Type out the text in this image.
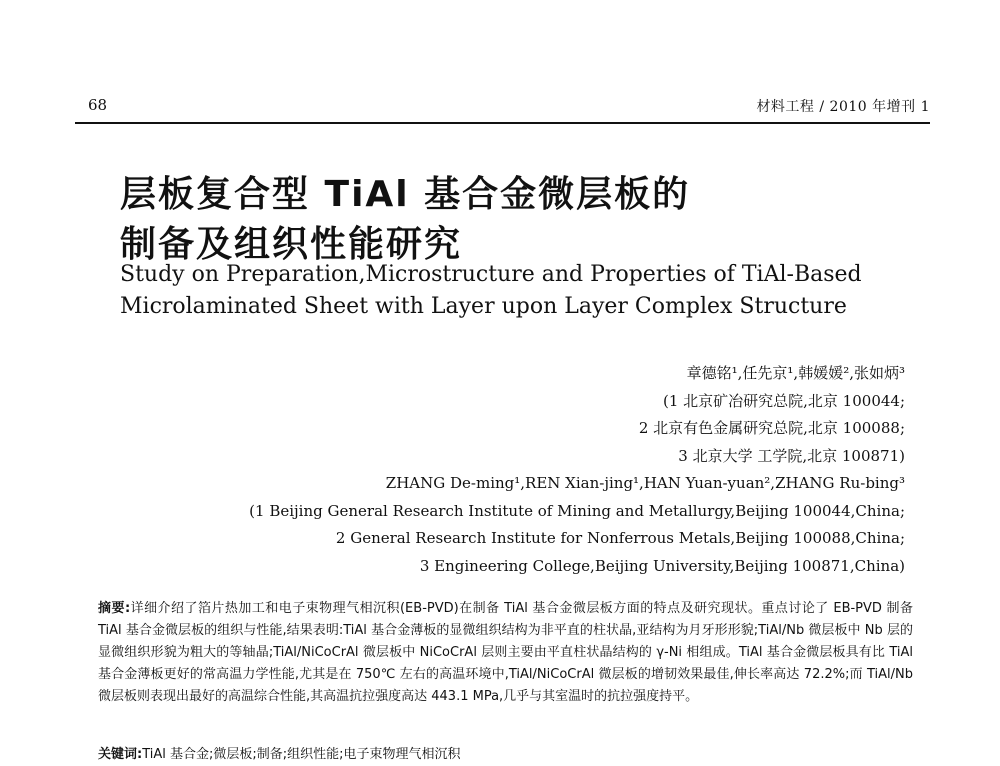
68	材料工程 / 2010 年增刊 1
层板复合型 TiAl 基合金微层板的
制备及组织性能研究
Study on Preparation,Microstructure and Properties of TiAl-Based
Microlaminated Sheet with Layer upon Layer Complex Structure
章德铭¹,任先京¹,韩媛媛²,张如炳³
(1 北京矿冶研究总院,北京 100044;
2 北京有色金属研究总院,北京 100088;
3 北京大学 工学院,北京 100871)
ZHANG De-ming¹,REN Xian-jing¹,HAN Yuan-yuan²,ZHANG Ru-bing³
(1 Beijing General Research Institute of Mining and Metallurgy,Beijing 100044,China;
2 General Research Institute for Nonferrous Metals,Beijing 100088,China;
3 Engineering College,Beijing University,Beijing 100871,China)
摘要:详细介绍了箔片热加工和电子束物理气相沉积(EB-PVD)在制备 TiAl 基合金微层板方面的特点及研究现状。重点讨论了 EB-PVD 制备 TiAl 基合金微层板的组织与性能,结果表明:TiAl 基合金薄板的显微组织结构为非平直的柱状晶,亚结构为月牙形形貌;TiAl/Nb 微层板中 Nb 层的显微组织形貌为粗大的等轴晶;TiAl/NiCoCrAl 微层板中 NiCoCrAl 层则主要由平直柱状晶结构的 γ-Ni 相组成。TiAl 基合金微层板具有比 TiAl 基合金薄板更好的常高温力学性能,尤其是在 750℃ 左右的高温环境中,TiAl/NiCoCrAl 微层板的增韧效果最佳,伸长率高达 72.2%;而 TiAl/Nb 微层板则表现出最好的高温综合性能,其高温抗拉强度高达 443.1 MPa,几乎与其室温时的抗拉强度持平。
关键词:TiAl 基合金;微层板;制备;组织性能;电子束物理气相沉积
